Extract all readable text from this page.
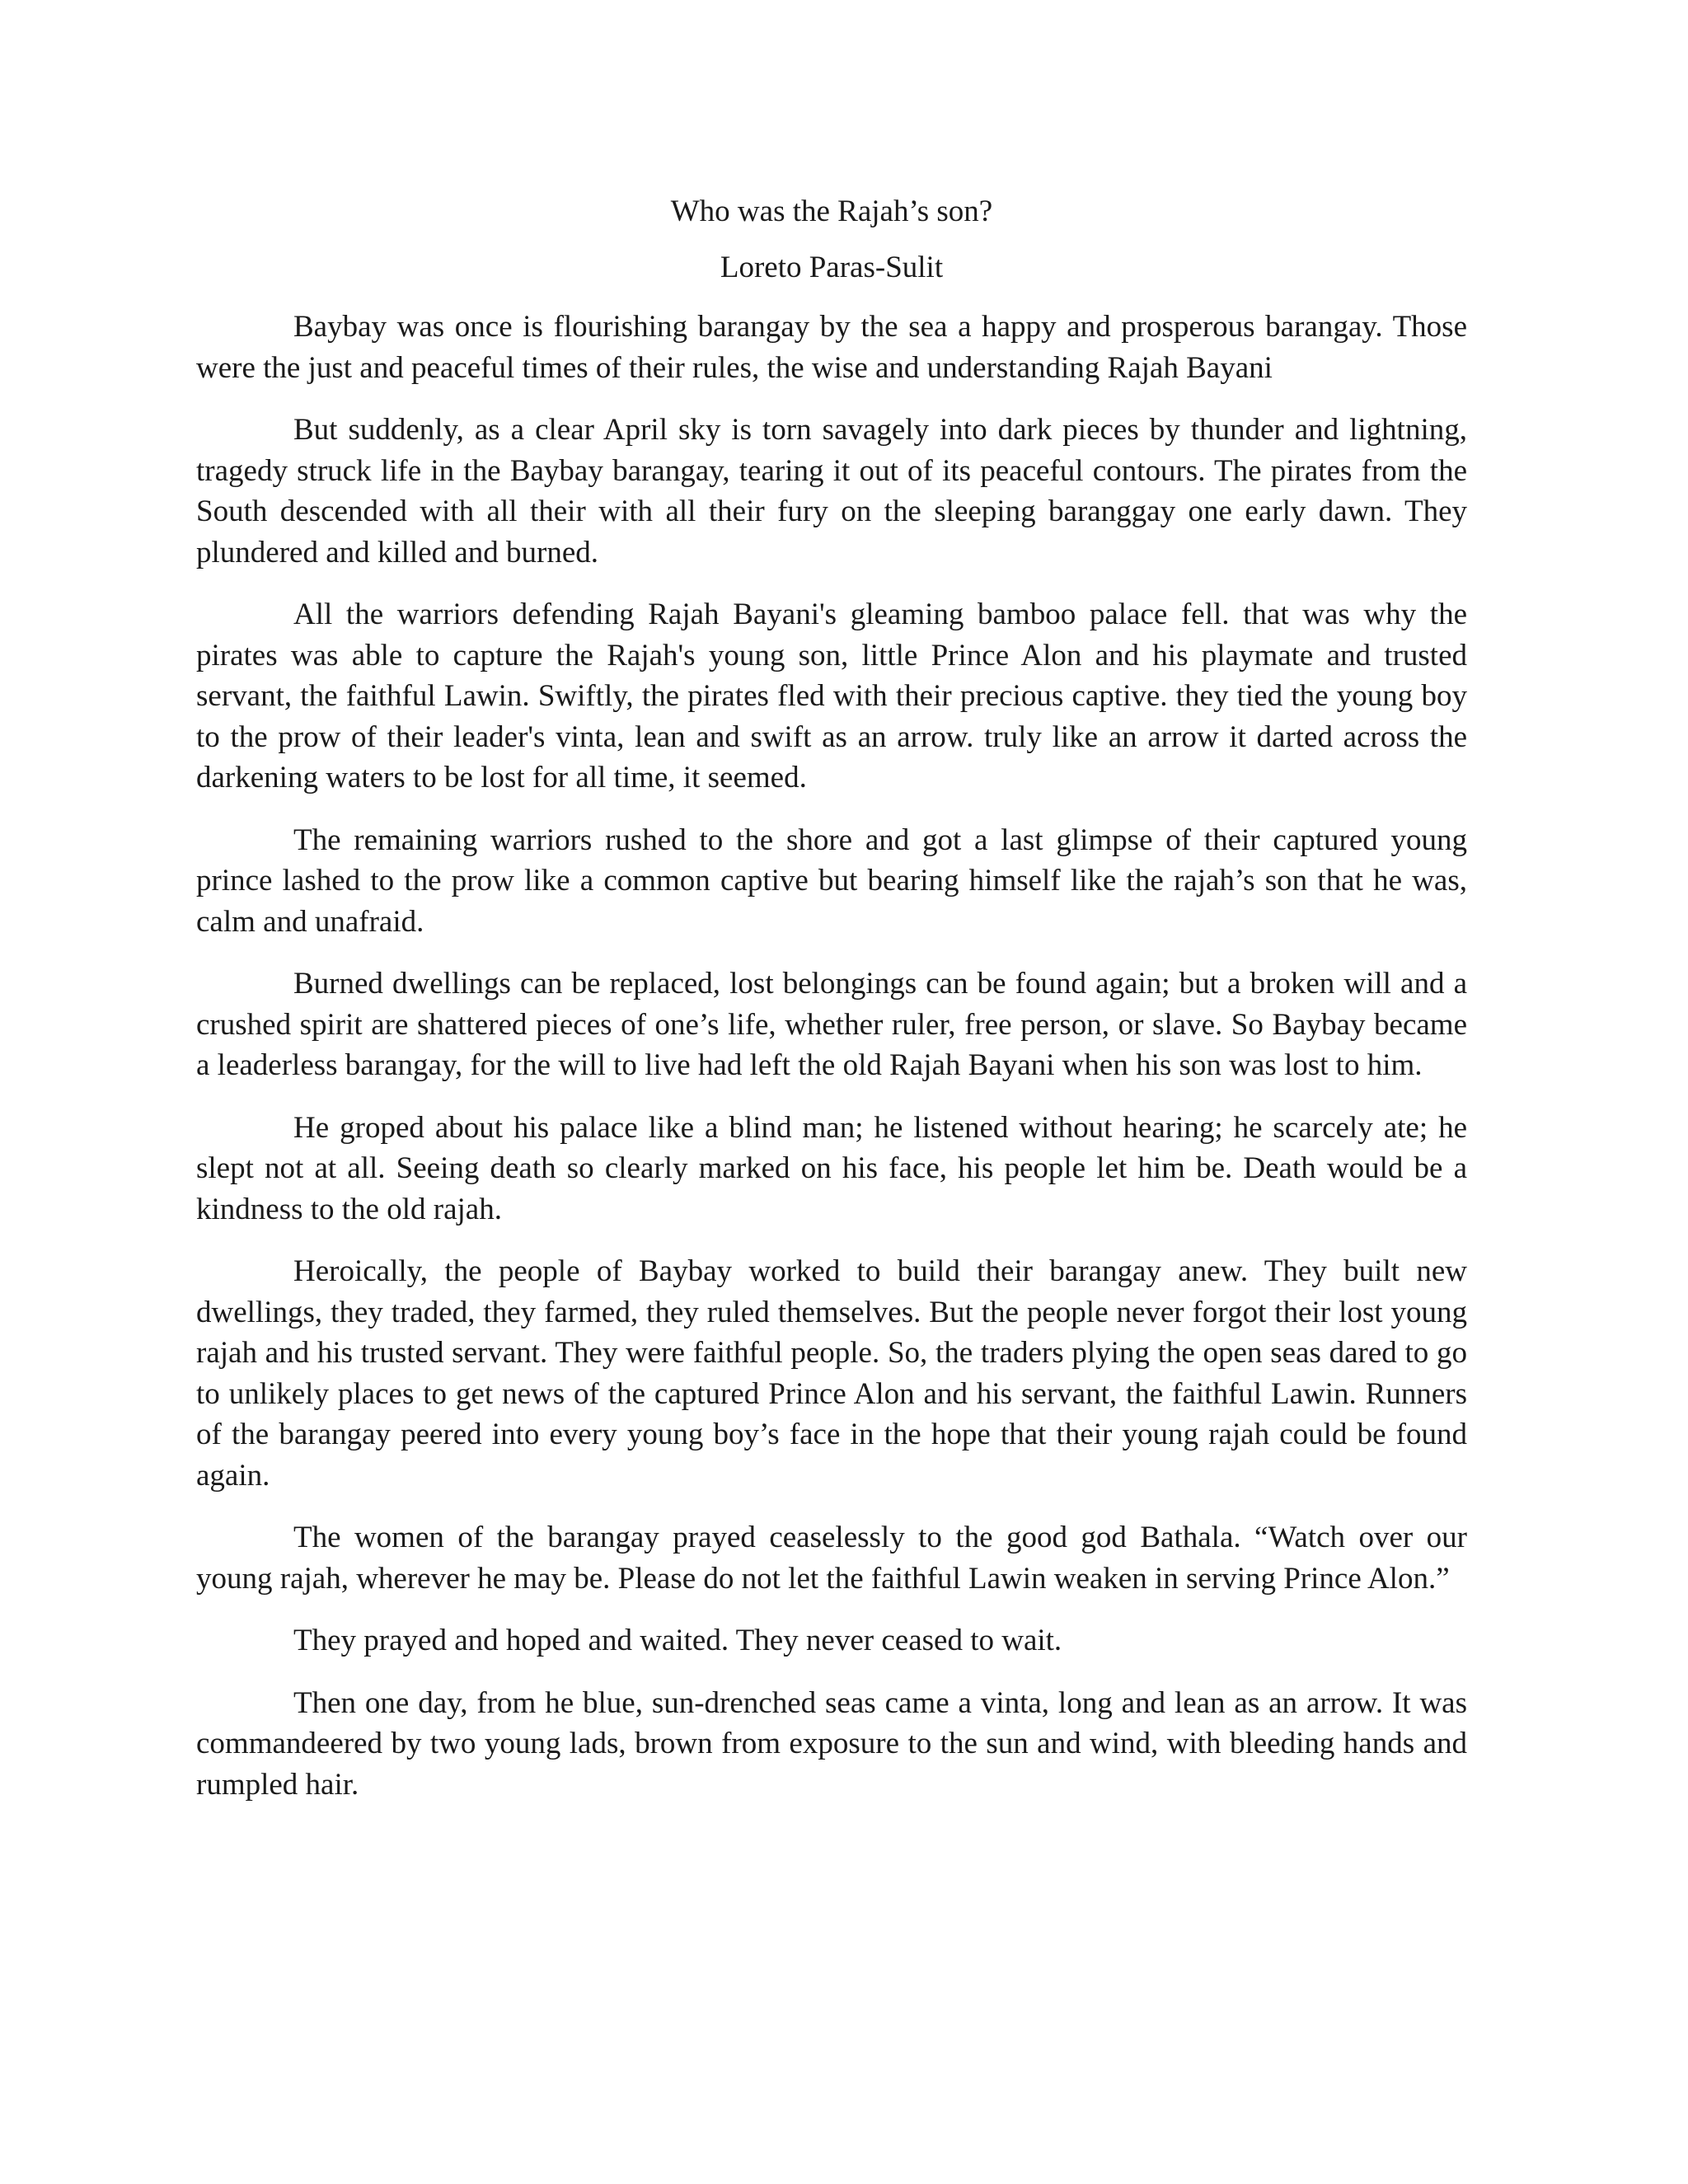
Who was the Rajah’s son?

Loreto Paras-Sulit

Baybay was once is flourishing barangay by the sea a happy and prosperous barangay. Those were the just and peaceful times of their rules, the wise and understanding Rajah Bayani

But suddenly, as a clear April sky is torn savagely into dark pieces by thunder and lightning, tragedy struck life in the Baybay barangay, tearing it out of its peaceful contours. The pirates from the South descended with all their with all their fury on the sleeping baranggay one early dawn. They plundered and killed and burned.

All the warriors defending Rajah Bayani's gleaming bamboo palace fell. that was why the pirates was able to capture the Rajah's young son, little Prince Alon and his playmate and trusted servant, the faithful Lawin. Swiftly, the pirates fled with their precious captive. they tied the young boy to the prow of their leader's vinta, lean and swift as an arrow. truly like an arrow it darted across the darkening waters to be lost for all time, it seemed.

The remaining warriors rushed to the shore and got a last glimpse of their captured young prince lashed to the prow like a common captive but bearing himself like the rajah’s son that he was, calm and unafraid.

Burned dwellings can be replaced, lost belongings can be found again; but a broken will and a crushed spirit are shattered pieces of one’s life, whether ruler, free person, or slave. So Baybay became a leaderless barangay, for the will to live had left the old Rajah Bayani when his son was lost to him.

He groped about his palace like a blind man; he listened without hearing; he scarcely ate; he slept not at all. Seeing death so clearly marked on his face, his people let him be. Death would be a kindness to the old rajah.

Heroically, the people of Baybay worked to build their barangay anew. They built new dwellings, they traded, they farmed, they ruled themselves. But the people never forgot their lost young rajah and his trusted servant. They were faithful people. So, the traders plying the open seas dared to go to unlikely places to get news of the captured Prince Alon and his servant, the faithful Lawin. Runners of the barangay peered into every young boy’s face in the hope that their young rajah could be found again.

The women of the barangay prayed ceaselessly to the good god Bathala. “Watch over our young rajah, wherever he may be. Please do not let the faithful Lawin weaken in serving Prince Alon.”

They prayed and hoped and waited. They never ceased to wait.

Then one day, from he blue, sun-drenched seas came a vinta, long and lean as an arrow. It was commandeered by two young lads, brown from exposure to the sun and wind, with bleeding hands and rumpled hair.
